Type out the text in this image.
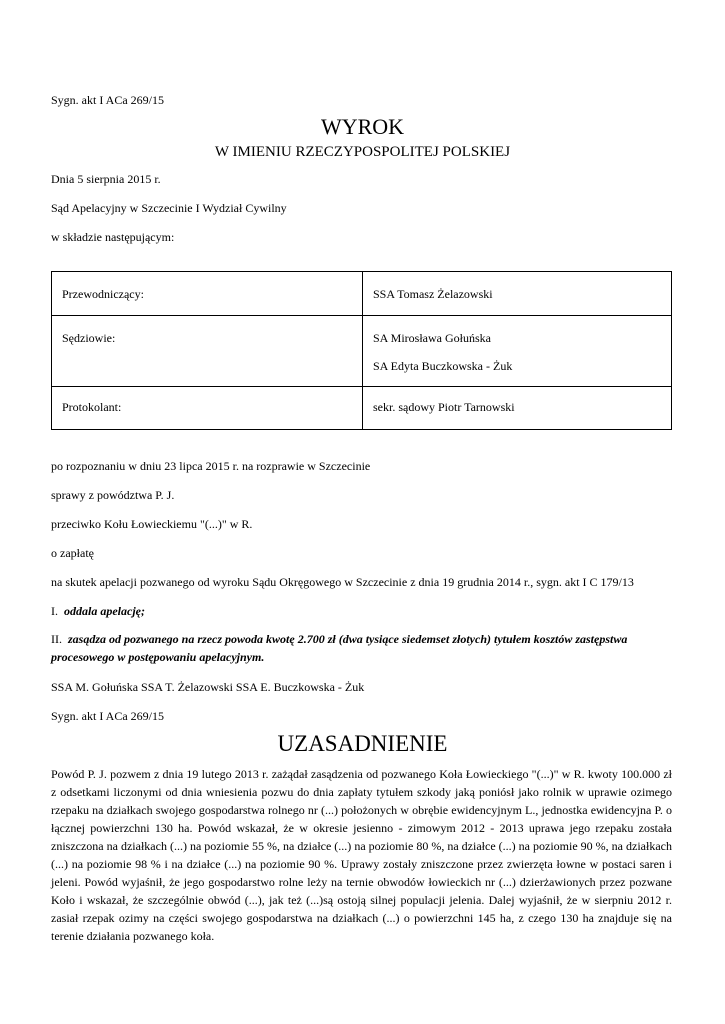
Sygn. akt I ACa 269/15
WYROK
W IMIENIU RZECZYPOSPOLITEJ POLSKIEJ
Dnia 5 sierpnia 2015 r.
Sąd Apelacyjny w Szczecinie I Wydział Cywilny
w składzie następującym:
Przewodniczący:	SSA Tomasz Żelazowski
Sędziowie:	SA Mirosława Gołuńska
SA Edyta Buczkowska - Żuk

Protokolant:	sekr. sądowy Piotr Tarnowski
po rozpoznaniu w dniu 23 lipca 2015 r. na rozprawie w Szczecinie
sprawy z powództwa P. J.
przeciwko Kołu Łowieckiemu "(...)" w R.
o zapłatę
na skutek apelacji pozwanego od wyroku Sądu Okręgowego w Szczecinie z dnia 19 grudnia 2014 r., sygn. akt I C 179/13
I. oddala apelację;
II. zasądza od pozwanego na rzecz powoda kwotę 2.700 zł (dwa tysiące siedemset złotych) tytułem kosztów zastępstwa procesowego w postępowaniu apelacyjnym.
SSA M. Gołuńska SSA T. Żelazowski SSA E. Buczkowska - Żuk
Sygn. akt I ACa 269/15
UZASADNIENIE
Powód P. J. pozwem z dnia 19 lutego 2013 r. zażądał zasądzenia od pozwanego Koła Łowieckiego "(...)" w R. kwoty 100.000 zł z odsetkami liczonymi od dnia wniesienia pozwu do dnia zapłaty tytułem szkody jaką poniósł jako rolnik w uprawie ozimego rzepaku na działkach swojego gospodarstwa rolnego nr (...) położonych w obrębie ewidencyjnym L., jednostka ewidencyjna P. o łącznej powierzchni 130 ha. Powód wskazał, że w okresie jesienno - zimowym 2012 - 2013 uprawa jego rzepaku została zniszczona na działkach (...) na poziomie 55 %, na działce (...) na poziomie 80 %, na działce (...) na poziomie 90 %, na działkach (...) na poziomie 98 % i na działce (...) na poziomie 90 %. Uprawy zostały zniszczone przez zwierzęta łowne w postaci saren i jeleni. Powód wyjaśnił, że jego gospodarstwo rolne leży na ternie obwodów łowieckich nr (...) dzierżawionych przez pozwane Koło i wskazał, że szczególnie obwód (...), jak też (...)są ostoją silnej populacji jelenia. Dalej wyjaśnił, że w sierpniu 2012 r. zasiał rzepak ozimy na części swojego gospodarstwa na działkach (...) o powierzchni 145 ha, z czego 130 ha znajduje się na terenie działania pozwanego koła.
